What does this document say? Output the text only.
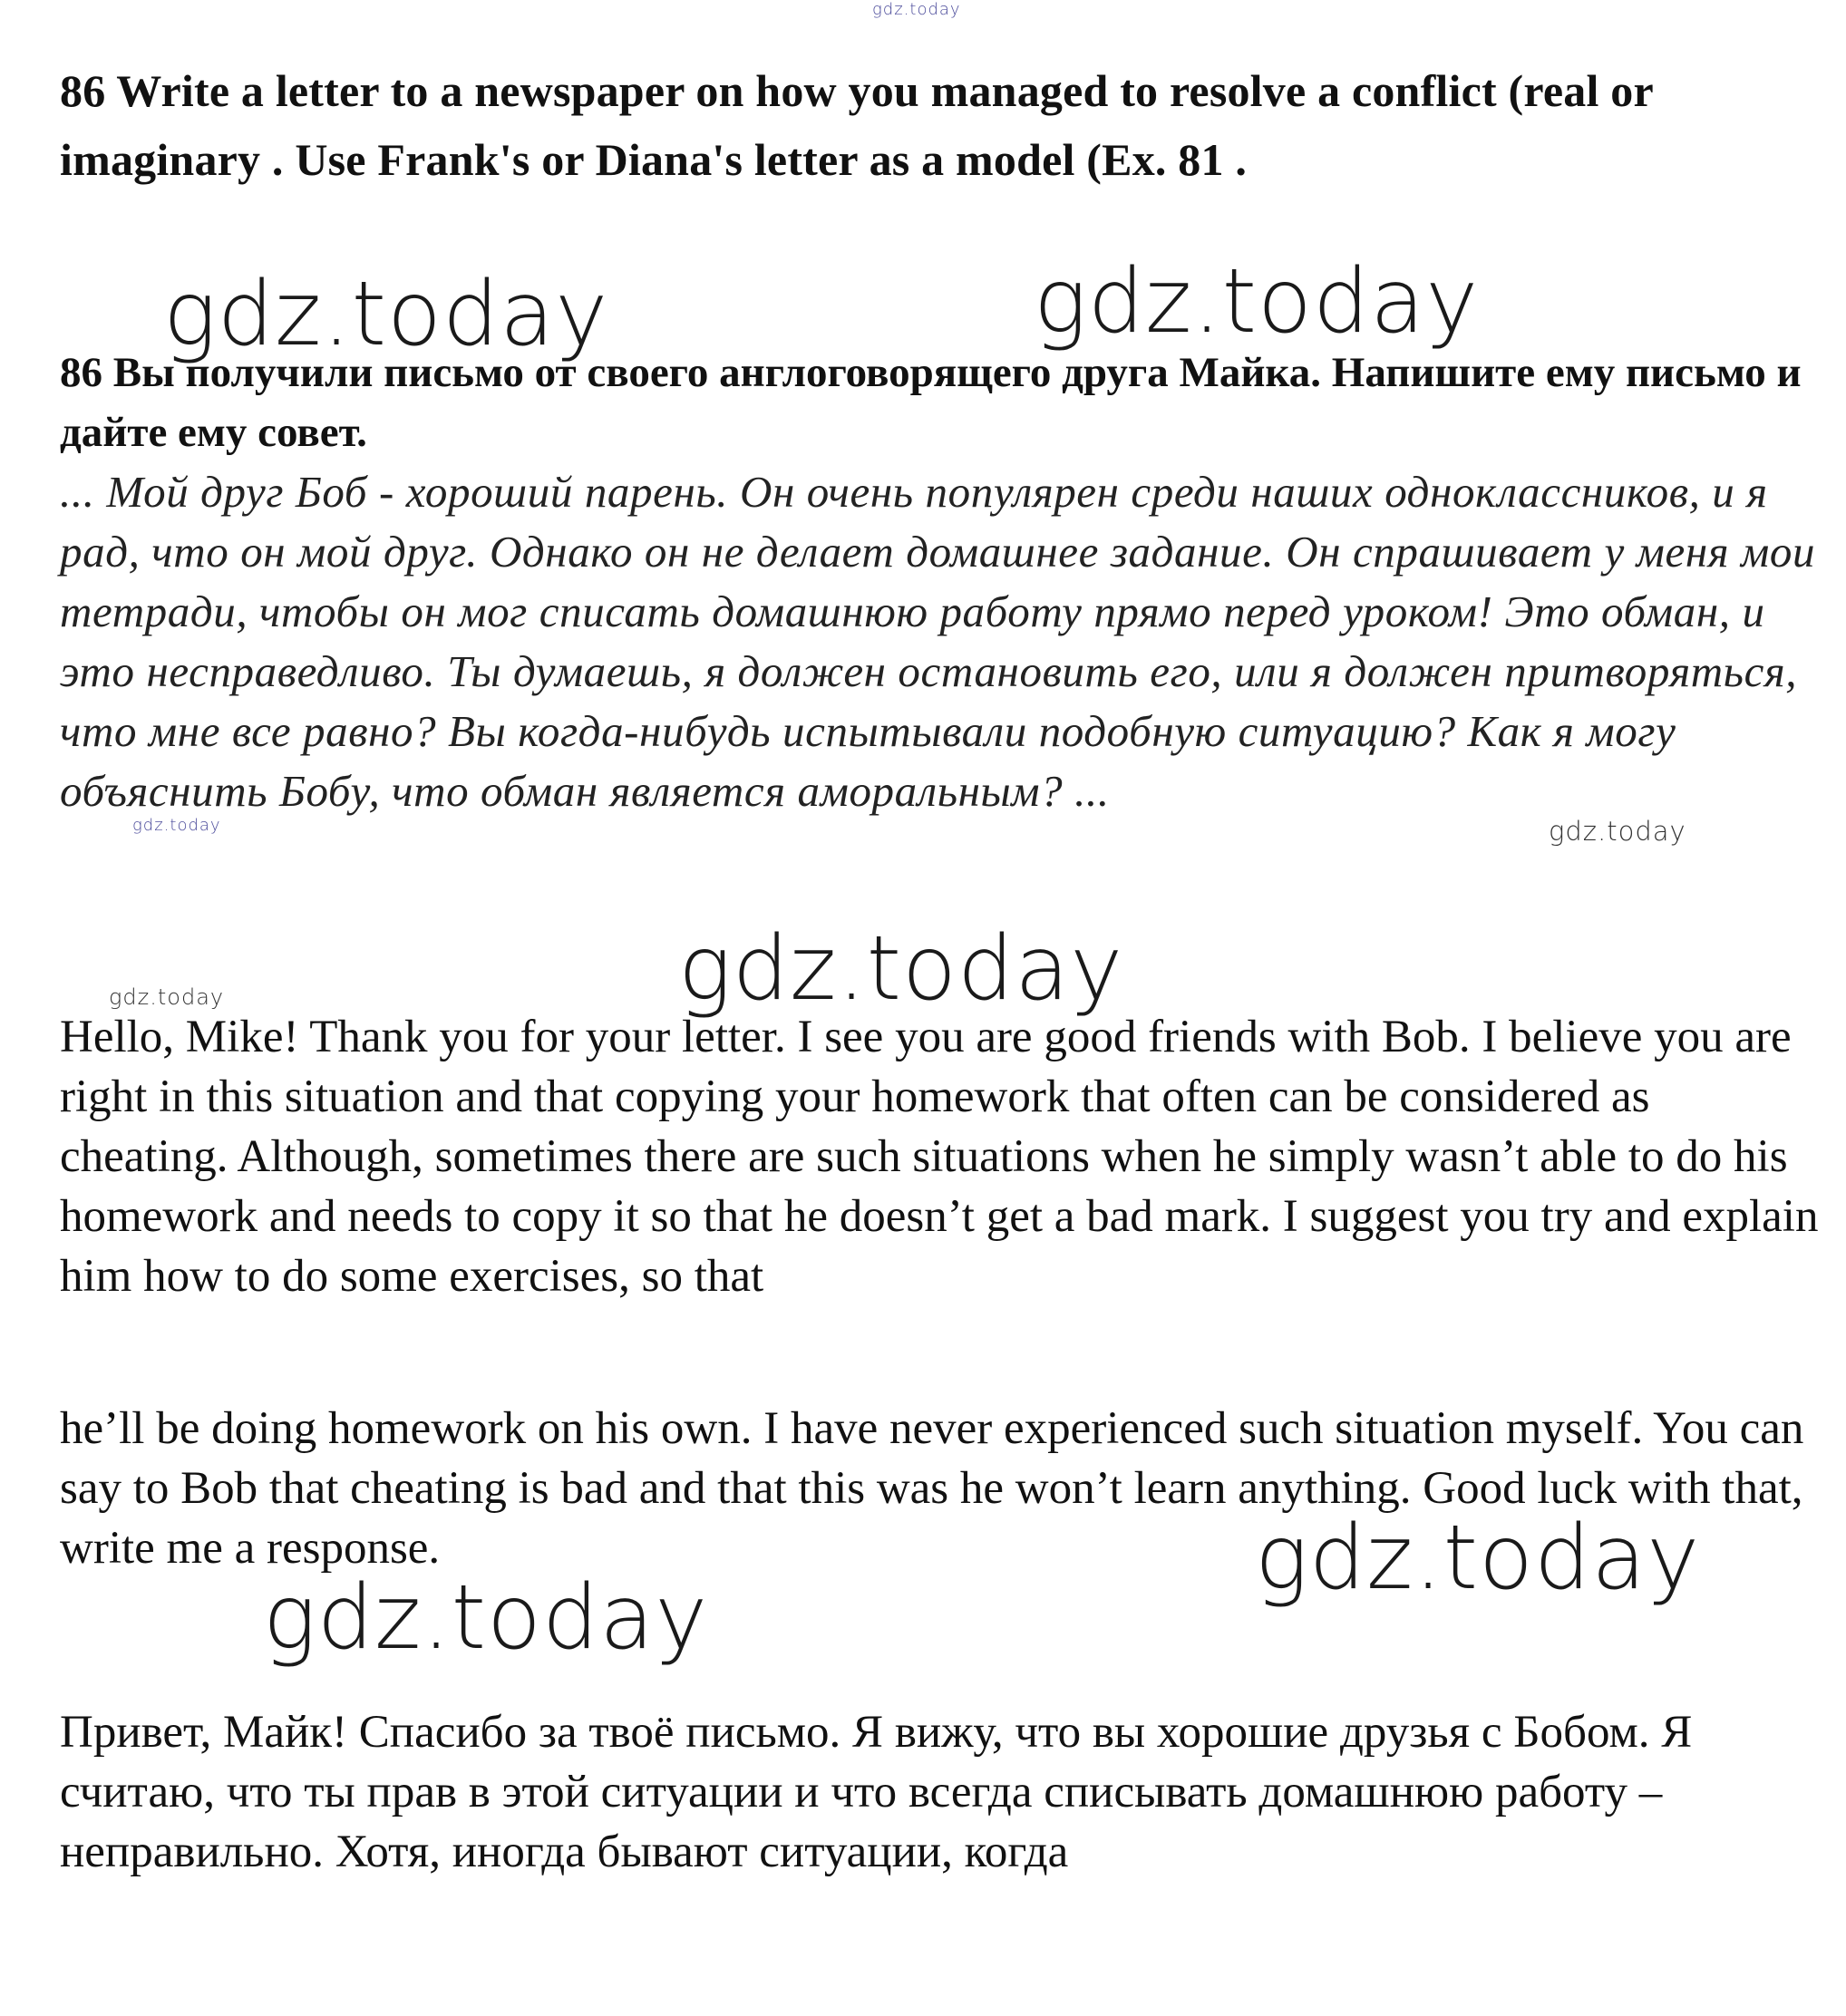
gdz.today

86 Write a letter to a newspaper on how you managed to resolve a conflict (real or imaginary . Use Frank's or Diana's letter as a model (Ex. 81 .

gdz.today	gdz.today

86 Вы получили письмо от своего англоговорящего друга Майка. Напишите ему письмо и дайте ему совет.

... Мой друг Боб - хороший парень. Он очень популярен среди наших одноклассников, и я рад, что он мой друг. Однако он не делает домашнее задание. Он спрашивает у меня мои тетради, чтобы он мог списать домашнюю работу прямо перед уроком! Это обман, и это несправедливо. Ты думаешь, я должен остановить его, или я должен притворяться, что мне все равно? Вы когда-нибудь испытывали подобную ситуацию? Как я могу объяснить Бобу, что обман является аморальным? ...

gdz.today
gdz.today
gdz.today
gdz.today

Hello, Mike! Thank you for your letter. I see you are good friends with Bob. I believe you are right in this situation and that copying your homework that often can be considered as cheating. Although, sometimes there are such situations when he simply wasn’t able to do his homework and needs to copy it so that he doesn’t get a bad mark. I suggest you try and explain him how to do some exercises, so that

he’ll be doing homework on his own. I have never experienced such situation myself. You can say to Bob that cheating is bad and that this was he won’t learn anything. Good luck with that, write me a response.	gdz.today
gdz.today

Привет, Майк! Спасибо за твоё письмо. Я вижу, что вы хорошие друзья с Бобом. Я считаю, что ты прав в этой ситуации и что всегда списывать домашнюю работу – неправильно. Хотя, иногда бывают ситуации, когда
